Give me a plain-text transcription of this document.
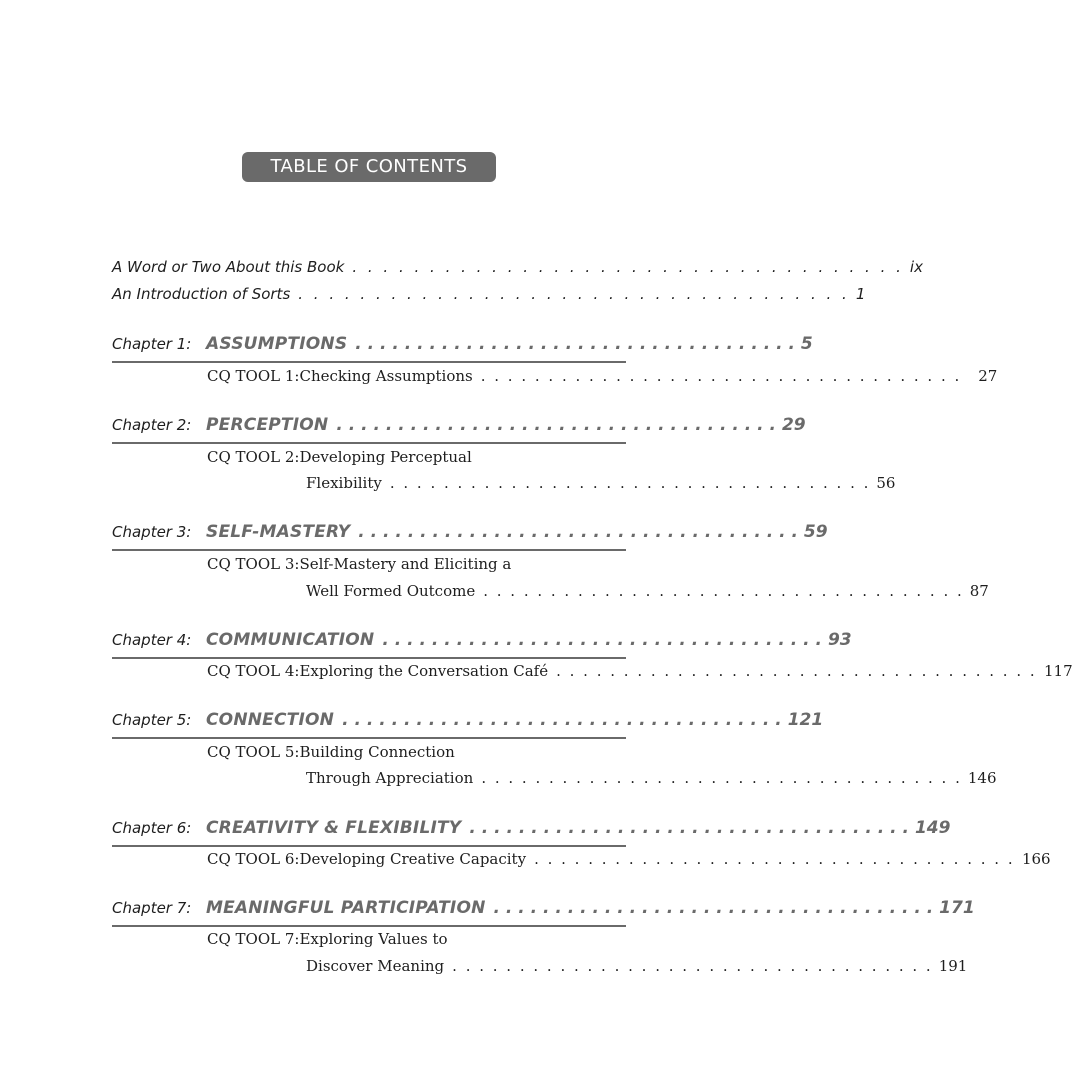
TABLE OF CONTENTS
A Word or Two About this Book . . . . . . . . . . . . . . . . . . . . . . . . . . . . . . . . . . . . ix
An Introduction of Sorts . . . . . . . . . . . . . . . . . . . . . . . . . . . . . . . . . . . . 1
Chapter 1: ASSUMPTIONS . . . . . . . . . . . . . . . . . . . . . . . . . . . . . . . . . . . . 5
CQ TOOL 1: Checking Assumptions . . . . . . . . . . . . . . . . . . . . . . . . . . . . . . . . . . . .	27
Chapter 2: PERCEPTION . . . . . . . . . . . . . . . . . . . . . . . . . . . . . . . . . . . . 29
CQ TOOL 2: Developing Perceptual
Flexibility . . . . . . . . . . . . . . . . . . . . . . . . . . . . . . . . . . . . 56
Chapter 3: SELF-MASTERY . . . . . . . . . . . . . . . . . . . . . . . . . . . . . . . . . . . . 59
CQ TOOL 3: Self-Mastery and Eliciting a
Well Formed Outcome . . . . . . . . . . . . . . . . . . . . . . . . . . . . . . . . . . . . 87
Chapter 4: COMMUNICATION . . . . . . . . . . . . . . . . . . . . . . . . . . . . . . . . . . . . 93
CQ TOOL 4: Exploring the Conversation Café . . . . . . . . . . . . . . . . . . . . . . . . . . . . . . . . . . . . 117
Chapter 5: CONNECTION . . . . . . . . . . . . . . . . . . . . . . . . . . . . . . . . . . . . 121
CQ TOOL 5: Building Connection
Through Appreciation . . . . . . . . . . . . . . . . . . . . . . . . . . . . . . . . . . . . 146
Chapter 6: CREATIVITY & FLEXIBILITY . . . . . . . . . . . . . . . . . . . . . . . . . . . . . . . . . . . . 149
CQ TOOL 6: Developing Creative Capacity . . . . . . . . . . . . . . . . . . . . . . . . . . . . . . . . . . . . 166
Chapter 7: MEANINGFUL PARTICIPATION . . . . . . . . . . . . . . . . . . . . . . . . . . . . . . . . . . . . 171
CQ TOOL 7: Exploring Values to
Discover Meaning . . . . . . . . . . . . . . . . . . . . . . . . . . . . . . . . . . . . 191
